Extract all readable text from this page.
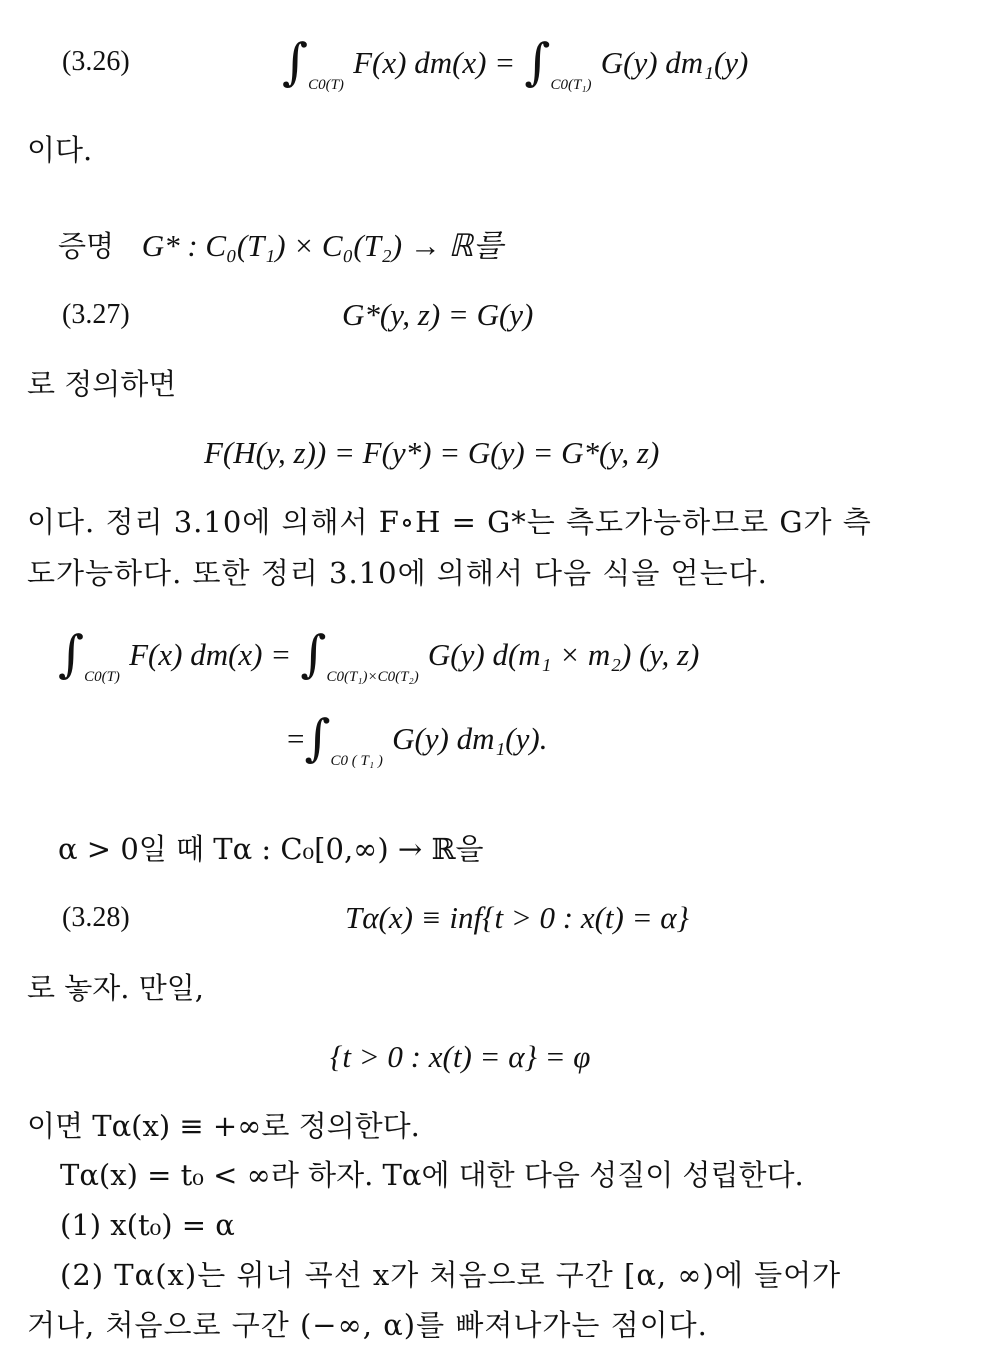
(3.26)	$\int_{C0(T)}$ F(x) $dm(x) = \int_{C0(T_1)}$ G(y) dm₁(y)
이다.
증명 G* : C₀(T₁) × C₀(T₂) → ℝ를
(3.27)	G*(y, z) = G(y)
로 정의하면
F(H(y, z)) = F(y*) = G(y) = G*(y, z)
이다. 정리 3.10에 의해서 F∘H = G*는 측도가능하므로 G가 측
도가능하다. 또한 정리 3.10에 의해서 다음 식을 얻는다.
$\int_{C0(T)}$ F(x) $dm(x) = \int_{C0(T_1)\times C0(T_2)}$ G(y) d(m₁ × m₂) (y, z)
$=\int_{C0 ( T_1 )}$ G(y) dm₁(y).
α > 0일 때 Tα : C₀[0,∞) → ℝ을
(3.28)	Tα(x) ≡ inf{t > 0 : x(t) = α}
로 놓자. 만일,
{t > 0 : x(t) = α} = φ
이면 Tα(x) ≡ +∞로 정의한다.
Tα(x) = t₀ < ∞라 하자. Tα에 대한 다음 성질이 성립한다.
(1) x(t₀) = α
(2) Tα(x)는 위너 곡선 x가 처음으로 구간 [α, ∞)에 들어가
거나, 처음으로 구간 (−∞, α)를 빠져나가는 점이다.
